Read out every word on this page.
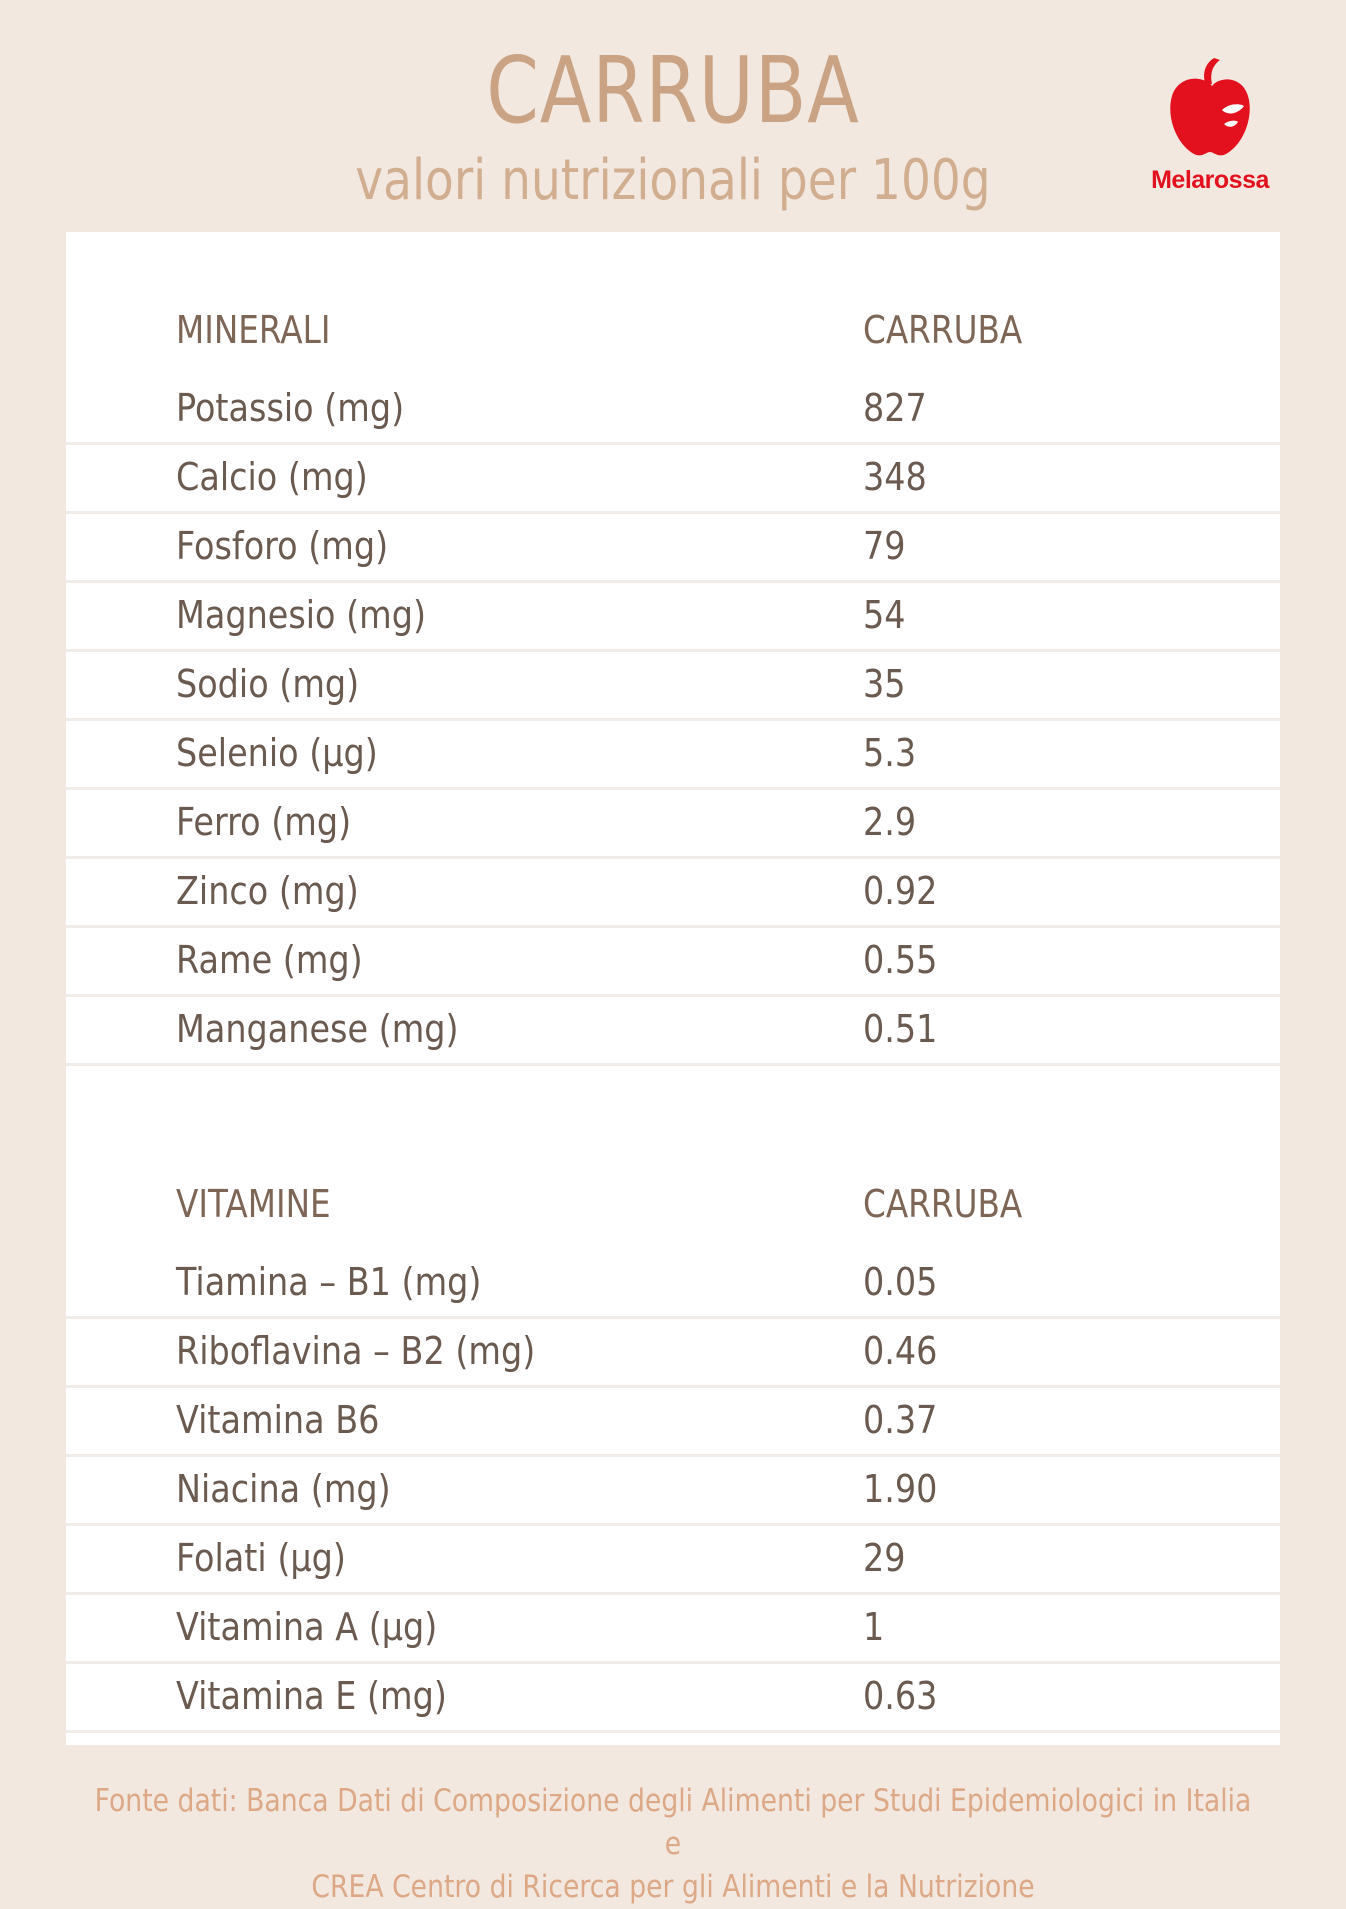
CARRUBA
valori nutrizionali per 100g	Melarossa
MINERALI	CARRUBA
Potassio (mg)	827
Calcio (mg)	348
Fosforo (mg)	79
Magnesio (mg)	54
Sodio (mg)	35
Selenio (µg)	5.3
Ferro (mg)	2.9
Zinco (mg)	0.92
Rame (mg)	0.55
Manganese (mg)	0.51
VITAMINE	CARRUBA
Tiamina – B1 (mg)	0.05
Riboflavina – B2 (mg)	0.46
Vitamina B6	0.37
Niacina (mg)	1.90
Folati (µg)	29
Vitamina A (µg)	1
Vitamina E (mg)	0.63
Fonte dati: Banca Dati di Composizione degli Alimenti per Studi Epidemiologici in Italia e
CREA Centro di Ricerca per gli Alimenti e la Nutrizione
